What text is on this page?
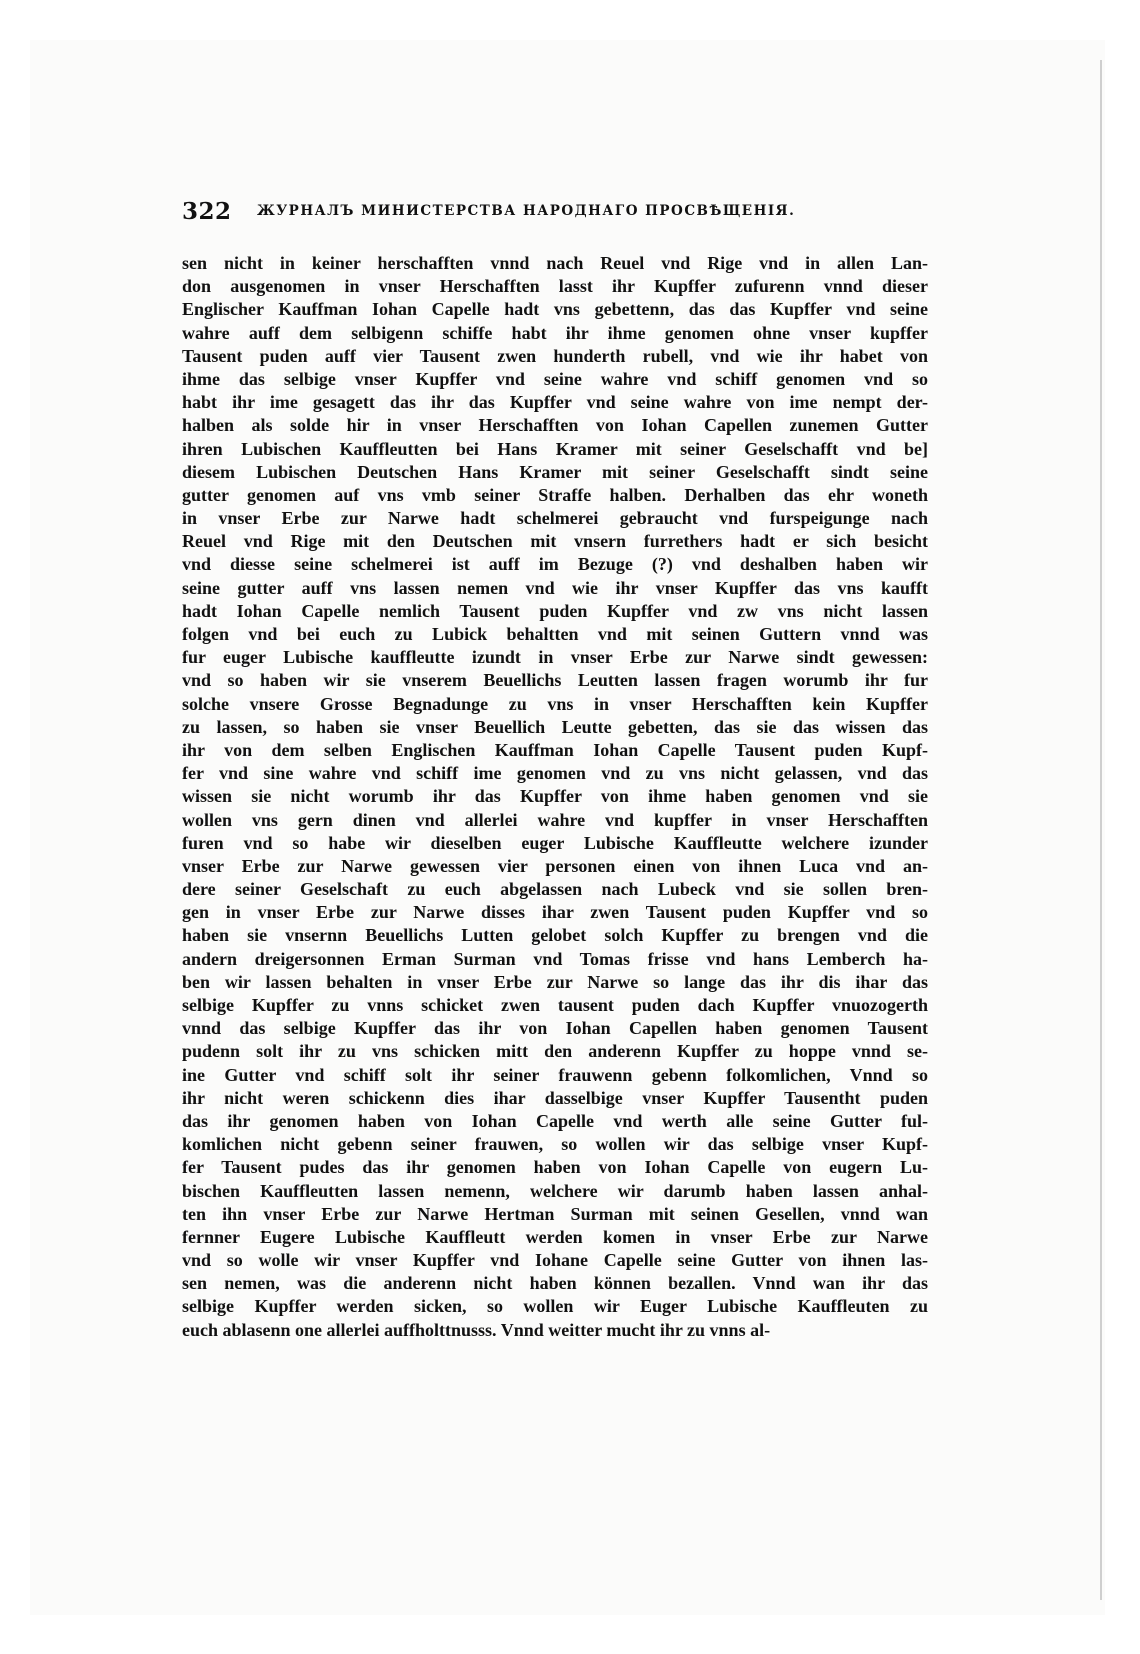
322 ЖУРНАЛЪ МИНИСТЕРСТВА НАРОДНАГО ПРОСВѢЩЕНІЯ.
sen nicht in keiner herschafften vnnd nach Reuel vnd Rige vnd in allen Lan-
don ausgenomen in vnser Herschafften lasst ihr Kupffer zufurenn vnnd dieser
Englischer Kauffman Iohan Capelle hadt vns gebettenn, das das Kupffer vnd seine
wahre auff dem selbigenn schiffe habt ihr ihme genomen ohne vnser kupffer
Tausent puden auff vier Tausent zwen hunderth rubell, vnd wie ihr habet von
ihme das selbige vnser Kupffer vnd seine wahre vnd schiff genomen vnd so
habt ihr ime gesagett das ihr das Kupffer vnd seine wahre von ime nempt der-
halben als solde hir in vnser Herschafften von Iohan Capellen zunemen Gutter
ihren Lubischen Kauffleutten bei Hans Kramer mit seiner Geselschafft vnd be]
diesem Lubischen Deutschen Hans Kramer mit seiner Geselschafft sindt seine
gutter genomen auf vns vmb seiner Straffe halben. Derhalben das ehr woneth
in vnser Erbe zur Narwe hadt schelmerei gebraucht vnd furspeigunge nach
Reuel vnd Rige mit den Deutschen mit vnsern furrethers hadt er sich besicht
vnd diesse seine schelmerei ist auff im Bezuge (?) vnd deshalben haben wir
seine gutter auff vns lassen nemen vnd wie ihr vnser Kupffer das vns kaufft
hadt Iohan Capelle nemlich Tausent puden Kupffer vnd zw vns nicht lassen
folgen vnd bei euch zu Lubick behaltten vnd mit seinen Guttern vnnd was
fur euger Lubische kauffleutte izundt in vnser Erbe zur Narwe sindt gewessen:
vnd so haben wir sie vnserem Beuellichs Leutten lassen fragen worumb ihr fur
solche vnsere Grosse Begnadunge zu vns in vnser Herschafften kein Kupffer
zu lassen, so haben sie vnser Beuellich Leutte gebetten, das sie das wissen das
ihr von dem selben Englischen Kauffman Iohan Capelle Tausent puden Kupf-
fer vnd sine wahre vnd schiff ime genomen vnd zu vns nicht gelassen, vnd das
wissen sie nicht worumb ihr das Kupffer von ihme haben genomen vnd sie
wollen vns gern dinen vnd allerlei wahre vnd kupffer in vnser Herschafften
furen vnd so habe wir dieselben euger Lubische Kauffleutte welchere izunder
vnser Erbe zur Narwe gewessen vier personen einen von ihnen Luca vnd an-
dere seiner Geselschaft zu euch abgelassen nach Lubeck vnd sie sollen bren-
gen in vnser Erbe zur Narwe disses ihar zwen Tausent puden Kupffer vnd so
haben sie vnsernn Beuellichs Lutten gelobet solch Kupffer zu brengen vnd die
andern dreigersonnen Erman Surman vnd Tomas frisse vnd hans Lemberch ha-
ben wir lassen behalten in vnser Erbe zur Narwe so lange das ihr dis ihar das
selbige Kupffer zu vnns schicket zwen tausent puden dach Kupffer vnuozogerth
vnnd das selbige Kupffer das ihr von Iohan Capellen haben genomen Tausent
pudenn solt ihr zu vns schicken mitt den anderenn Kupffer zu hoppe vnnd se-
ine Gutter vnd schiff solt ihr seiner frauwenn gebenn folkomlichen, Vnnd so
ihr nicht weren schickenn dies ihar dasselbige vnser Kupffer Tausentht puden
das ihr genomen haben von Iohan Capelle vnd werth alle seine Gutter ful-
komlichen nicht gebenn seiner frauwen, so wollen wir das selbige vnser Kupf-
fer Tausent pudes das ihr genomen haben von Iohan Capelle von eugern Lu-
bischen Kauffleutten lassen nemenn, welchere wir darumb haben lassen anhal-
ten ihn vnser Erbe zur Narwe Hertman Surman mit seinen Gesellen, vnnd wan
fernner Eugere Lubische Kauffleutt werden komen in vnser Erbe zur Narwe
vnd so wolle wir vnser Kupffer vnd Iohane Capelle seine Gutter von ihnen las-
sen nemen, was die anderenn nicht haben können bezallen. Vnnd wan ihr das
selbige Kupffer werden sicken, so wollen wir Euger Lubische Kauffleuten zu
euch ablasenn one allerlei auffholttnusss. Vnnd weitter mucht ihr zu vnns al-
